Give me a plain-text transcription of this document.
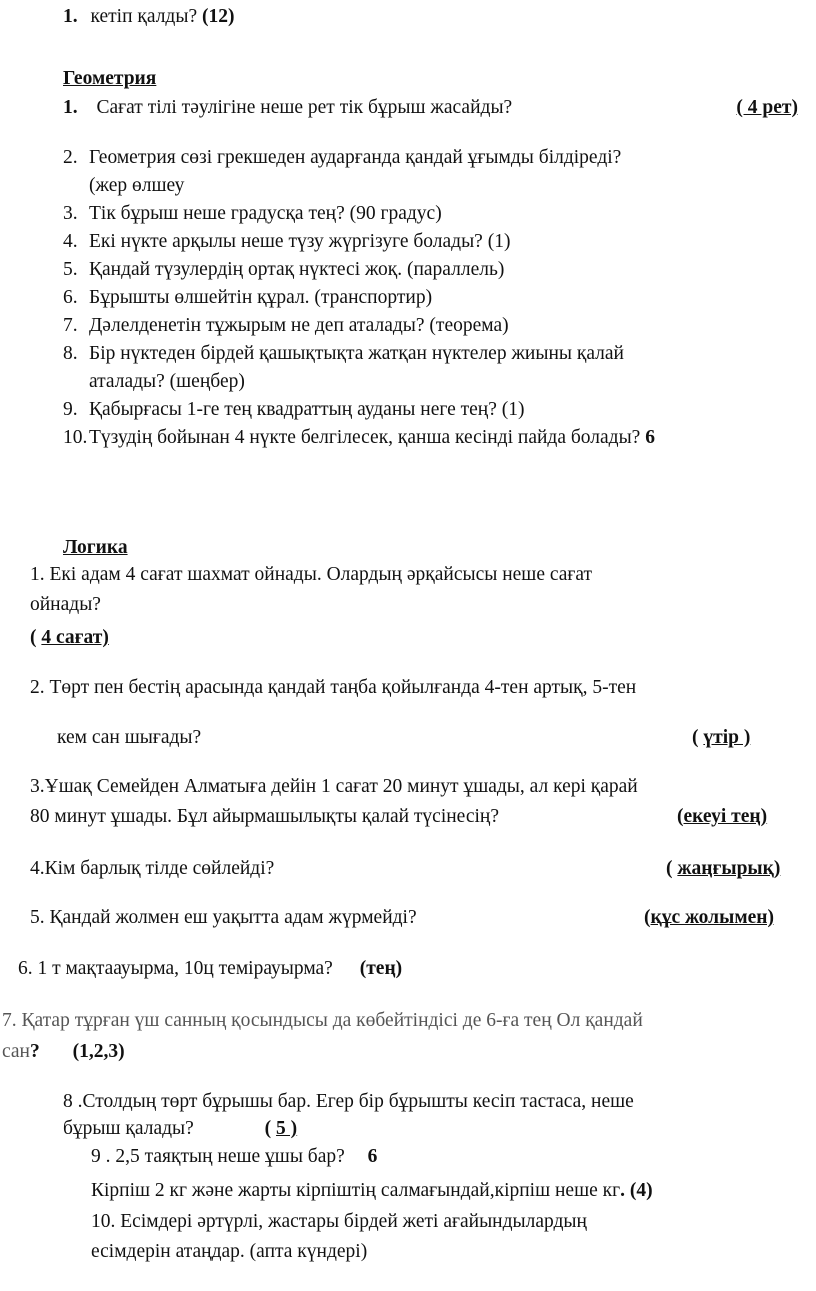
1. кетіп қалды? (12)
Геометрия
1. Сағат тілі тәулігіне неше рет тік бұрыш жасайды?	( 4 рет)
2. Геометрия сөзі грекшеден аударғанда қандай ұғымды білдіреді?
(жер өлшеу
3. Тік бұрыш неше градусқа тең? (90 градус)
4. Екі нүкте арқылы неше түзу жүргізуге болады? (1)
5. Қандай түзулердің ортақ нүктесі жоқ. (параллель)
6. Бұрышты өлшейтін құрал. (транспортир)
7. Дәлелденетін тұжырым не деп аталады? (теорема)
8. Бір нүктеден бірдей қашықтықта жатқан нүктелер жиыны қалай
аталады? (шеңбер)
9. Қабырғасы 1-ге тең квадраттың ауданы неге тең? (1)
10.Түзудің бойынан 4 нүкте белгілесек, қанша кесінді пайда болады? 6
Логика
1. Екі адам 4 сағат шахмат ойнады. Олардың әрқайсысы неше сағат
ойнады?
( 4 сағат)
2. Төрт пен бестің арасында қандай таңба қойылғанда 4-тен артық, 5-тен
кем сан шығады?	( үтір )
3.Ұшақ Семейден Алматыға дейін 1 сағат 20 минут ұшады, ал кері қарай
80 минут ұшады. Бұл айырмашылықты қалай түсінесің?	(екеуі тең)
4.Кім барлық тілде сөйлейді?	( жаңғырық)
5. Қандай жолмен еш уақытта адам жүрмейді?	(құс жолымен)
6. 1 т мақтаауырма, 10ц темірауырма? (тең)
7. Қатар тұрған үш санның қосындысы да көбейтіндісі де 6-ға тең Ол қандай
сан? (1,2,3)
8 .Столдың төрт бұрышы бар. Егер бір бұрышты кесіп тастаса, неше
бұрыш қалады?	( 5 )
9 . 2,5 таяқтың неше ұшы бар? 6
Кірпіш 2 кг және жарты кірпіштің салмағындай,кірпіш неше кг. (4)
10. Есімдері әртүрлі, жастары бірдей жеті ағайындылардың
есімдерін атаңдар. (апта күндері)
